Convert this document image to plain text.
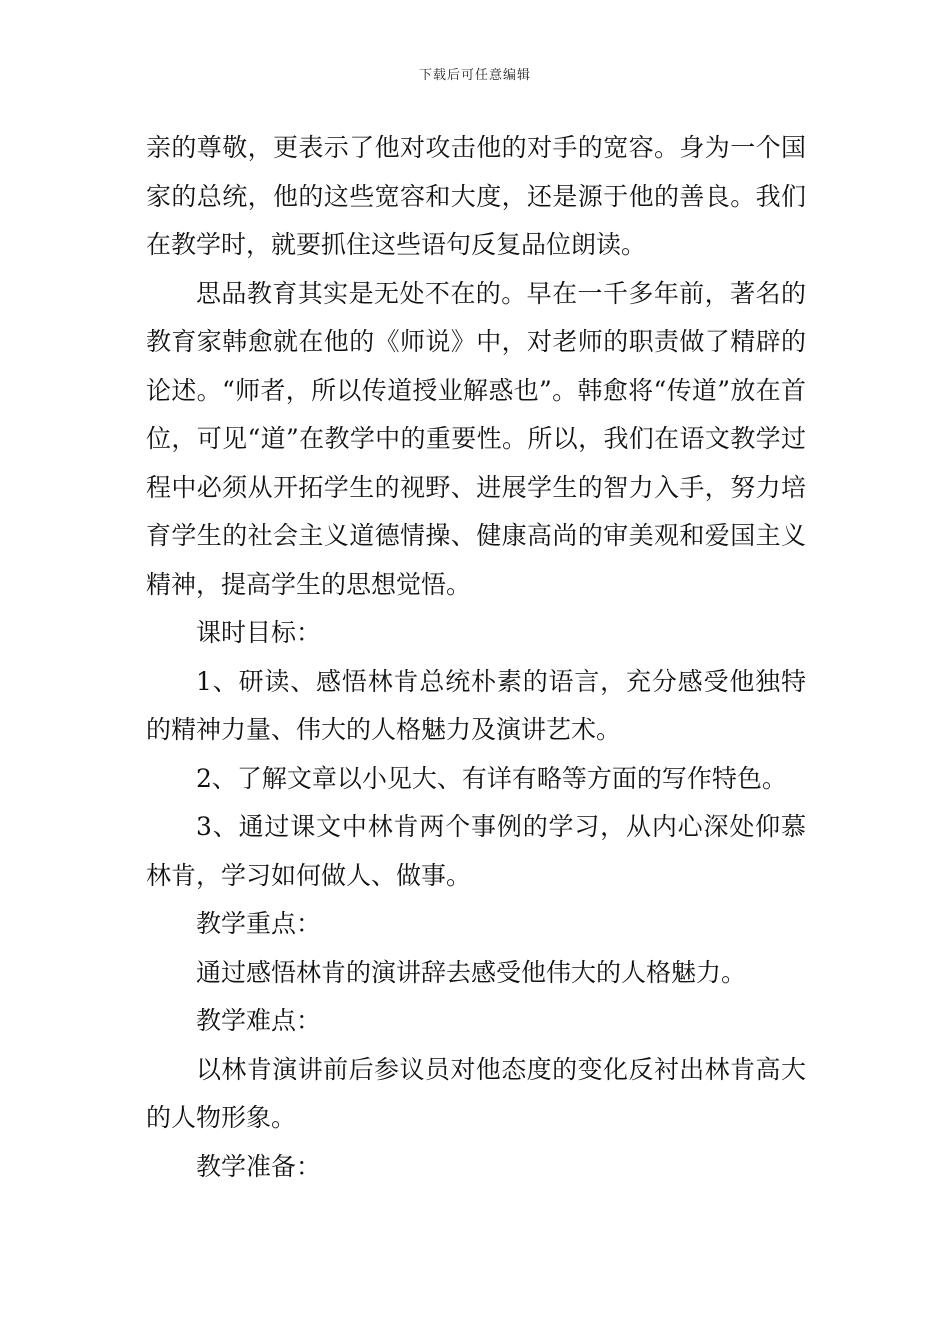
下载后可任意编辑

亲的尊敬，更表示了他对攻击他的对手的宽容。身为一个国家的总统，他的这些宽容和大度，还是源于他的善良。我们在教学时，就要抓住这些语句反复品位朗读。

思品教育其实是无处不在的。早在一千多年前，著名的教育家韩愈就在他的《师说》中，对老师的职责做了精辟的论述。“师者，所以传道授业解惑也”。韩愈将“传道”放在首位，可见“道”在教学中的重要性。所以，我们在语文教学过程中必须从开拓学生的视野、进展学生的智力入手，努力培育学生的社会主义道德情操、健康高尚的审美观和爱国主义精神，提高学生的思想觉悟。

课时目标：

1、研读、感悟林肯总统朴素的语言，充分感受他独特的精神力量、伟大的人格魅力及演讲艺术。

2、了解文章以小见大、有详有略等方面的写作特色。

3、通过课文中林肯两个事例的学习，从内心深处仰慕林肯，学习如何做人、做事。

教学重点：

通过感悟林肯的演讲辞去感受他伟大的人格魅力。

教学难点：

以林肯演讲前后参议员对他态度的变化反衬出林肯高大的人物形象。

教学准备：
